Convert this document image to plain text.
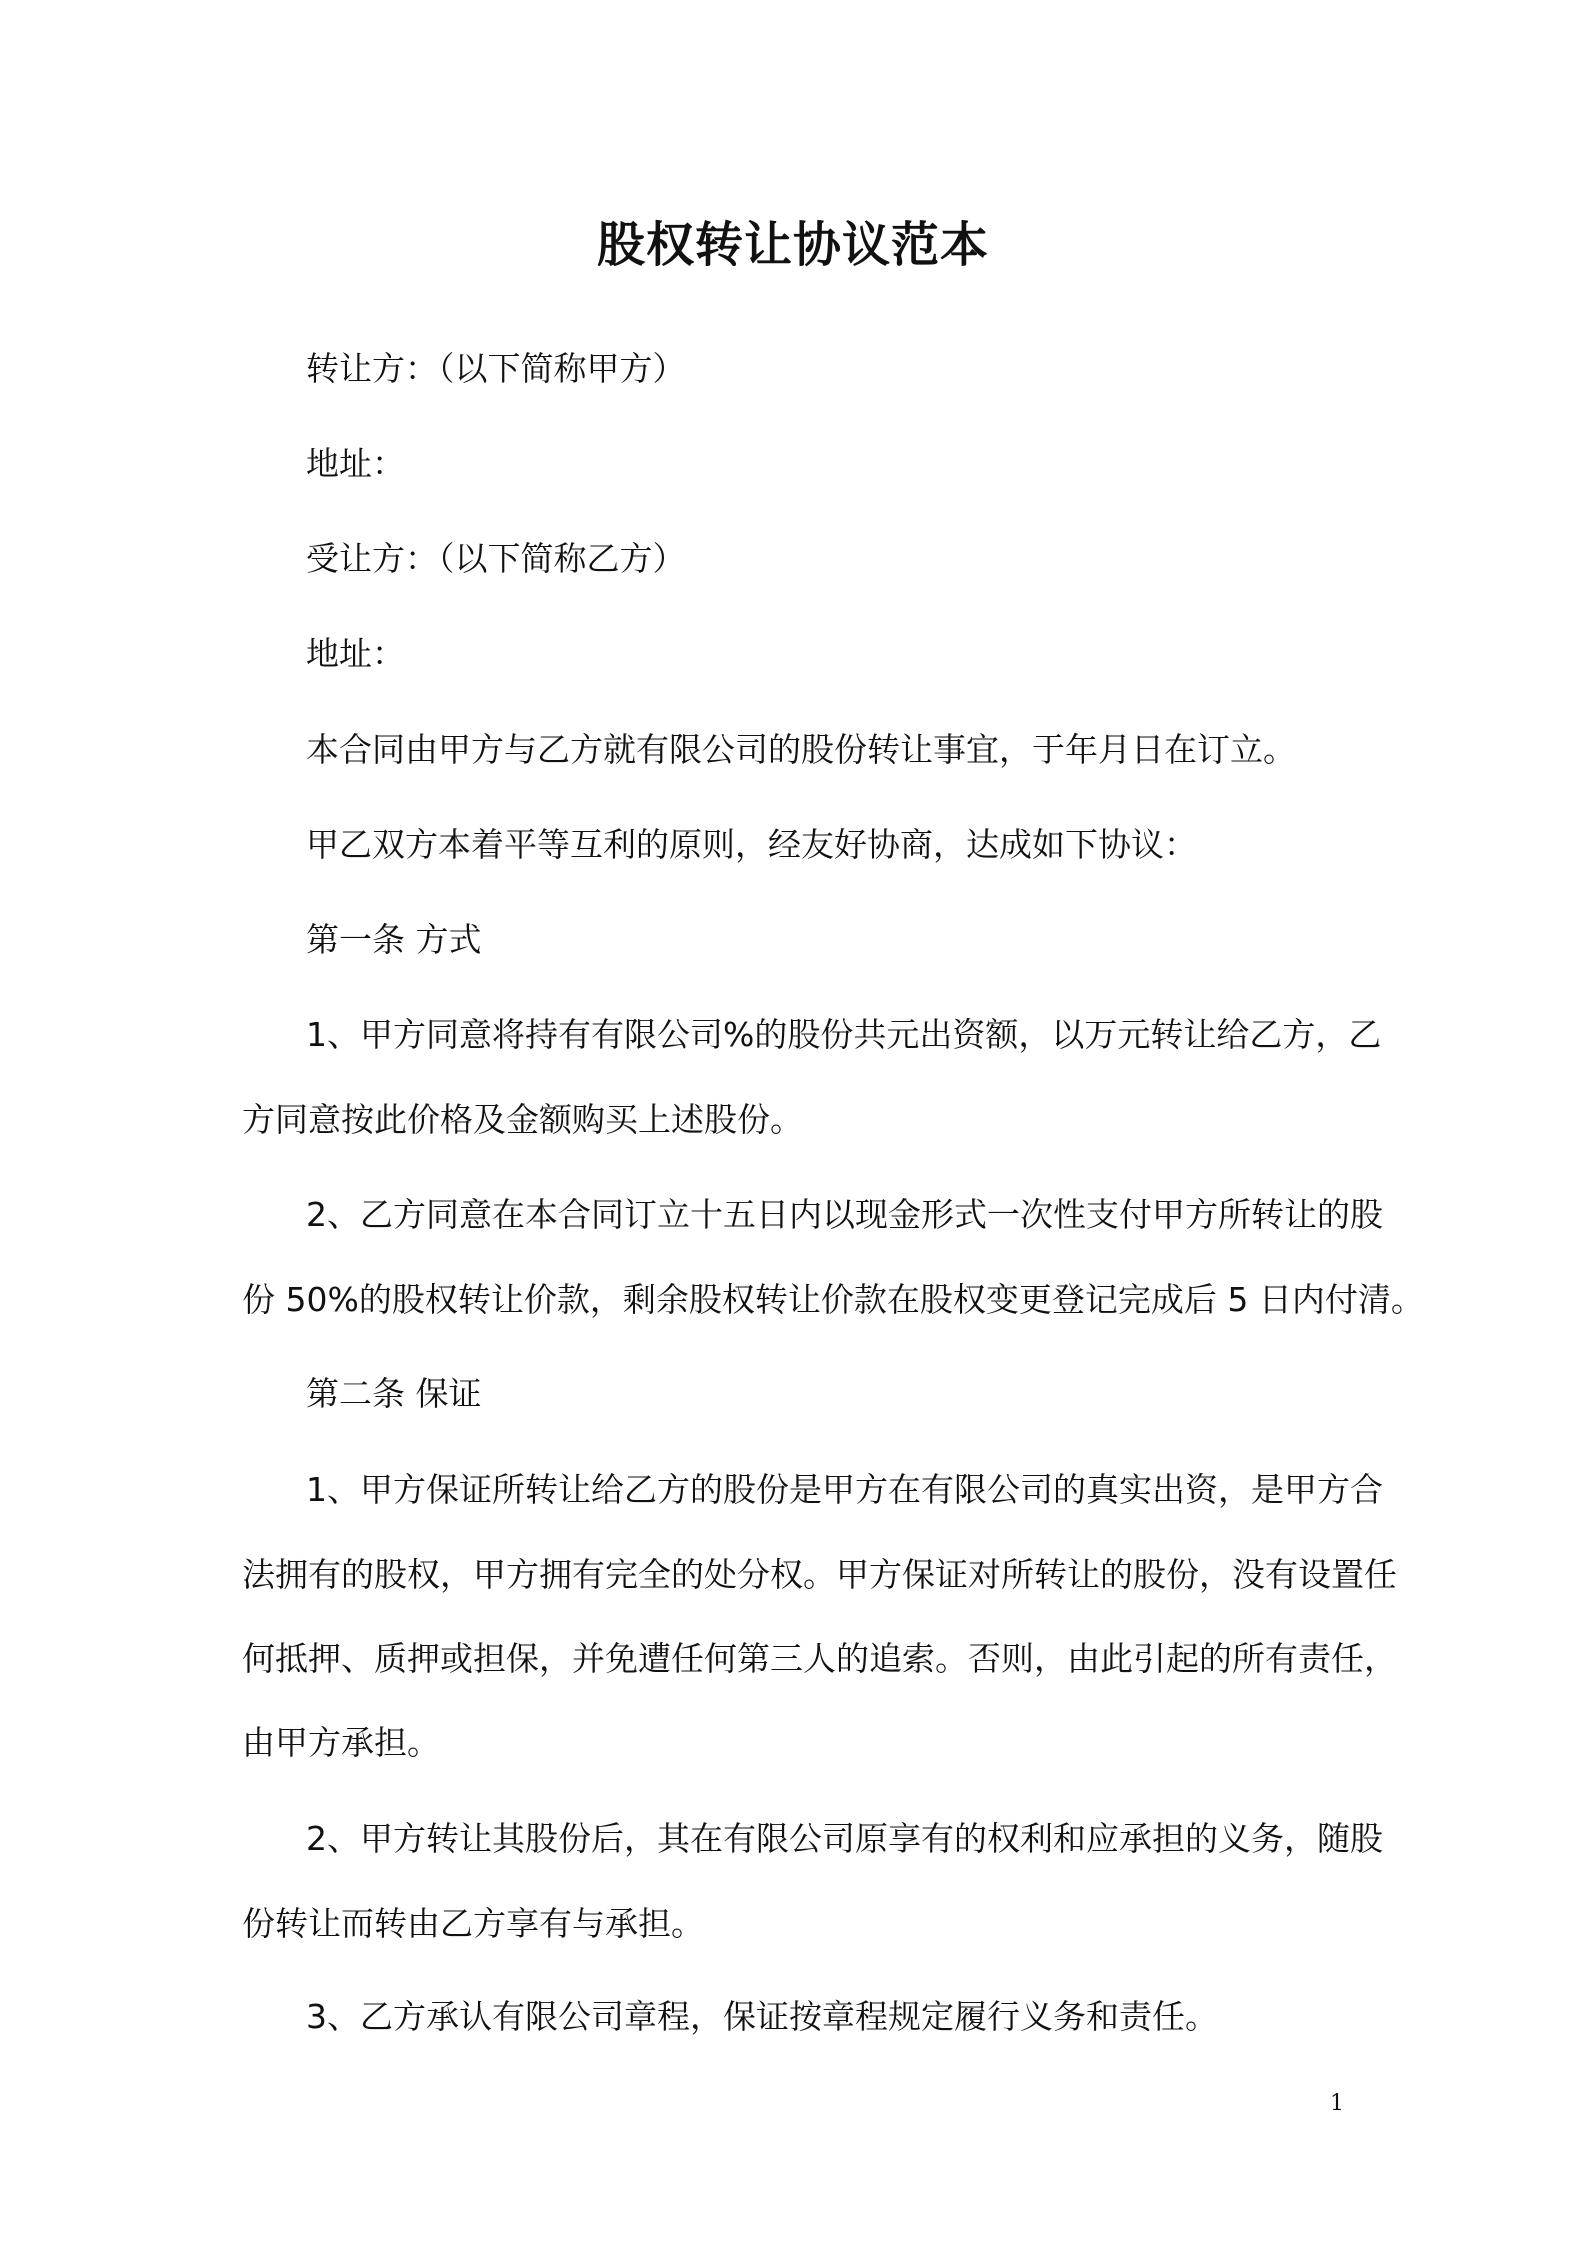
股权转让协议范本
转让方：（以下简称甲方）
地址：
受让方：（以下简称乙方）
地址：
本合同由甲方与乙方就有限公司的股份转让事宜，于年月日在订立。
甲乙双方本着平等互利的原则，经友好协商，达成如下协议：
第一条 方式
1、甲方同意将持有有限公司%的股份共元出资额，以万元转让给乙方，乙
方同意按此价格及金额购买上述股份。
2、乙方同意在本合同订立十五日内以现金形式一次性支付甲方所转让的股
份 50%的股权转让价款，剩余股权转让价款在股权变更登记完成后 5 日内付清。
第二条 保证
1、甲方保证所转让给乙方的股份是甲方在有限公司的真实出资，是甲方合
法拥有的股权，甲方拥有完全的处分权。甲方保证对所转让的股份，没有设置任
何抵押、质押或担保，并免遭任何第三人的追索。否则，由此引起的所有责任，
由甲方承担。
2、甲方转让其股份后，其在有限公司原享有的权利和应承担的义务，随股
份转让而转由乙方享有与承担。
3、乙方承认有限公司章程，保证按章程规定履行义务和责任。
1
